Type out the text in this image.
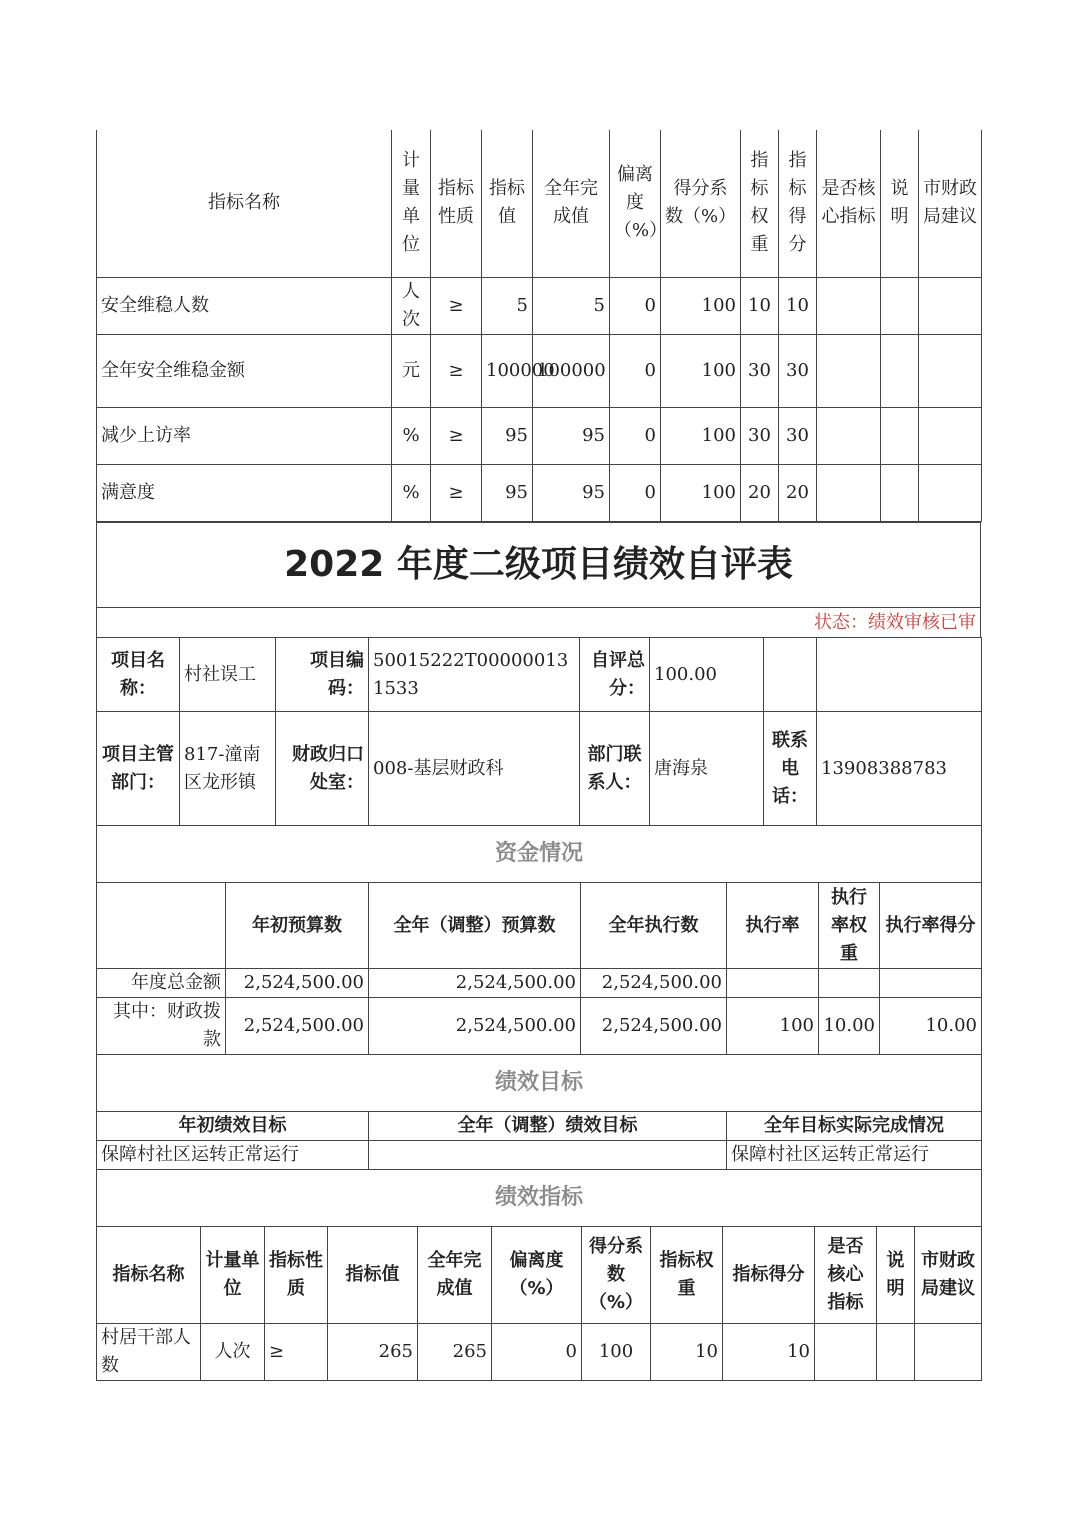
指标名称	计量单位	指标性质	指标值	全年完成值	偏离度（%）	得分系数（%）	指标权重	指标得分	是否核心指标	说明	市财政局建议
安全维稳人数	人次	≥	5	5	0	100	10	10			
全年安全维稳金额	元	≥	100000	100000	0	100	30	30			
减少上访率	%	≥	95	95	0	100	30	30			
满意度	%	≥	95	95	0	100	20	20			
2022 年度二级项目绩效自评表
状态：绩效审核已审
项目名称：	村社误工	项目编码：	50015222T000000131533	自评总分：	100.00		
项目主管部门：	817-潼南区龙形镇	财政归口处室：	008-基层财政科	部门联系人：	唐海泉	联系电话：	13908388783
资金情况						
	年初预算数	全年（调整）预算数	全年执行数	执行率	执行率权重	执行率得分
年度总金额	2,524,500.00	2,524,500.00	2,524,500.00			
其中：财政拨款	2,524,500.00	2,524,500.00	2,524,500.00	100	10.00	10.00
绩效目标		
年初绩效目标	全年（调整）绩效目标	全年目标实际完成情况
保障村社区运转正常运行		保障村社区运转正常运行
绩效指标											
指标名称	计量单位	指标性质	指标值	全年完成值	偏离度（%）	得分系数（%）	指标权重	指标得分	是否核心指标	说明	市财政局建议
村居干部人数	人次	≥	265	265	0	100	10	10			
